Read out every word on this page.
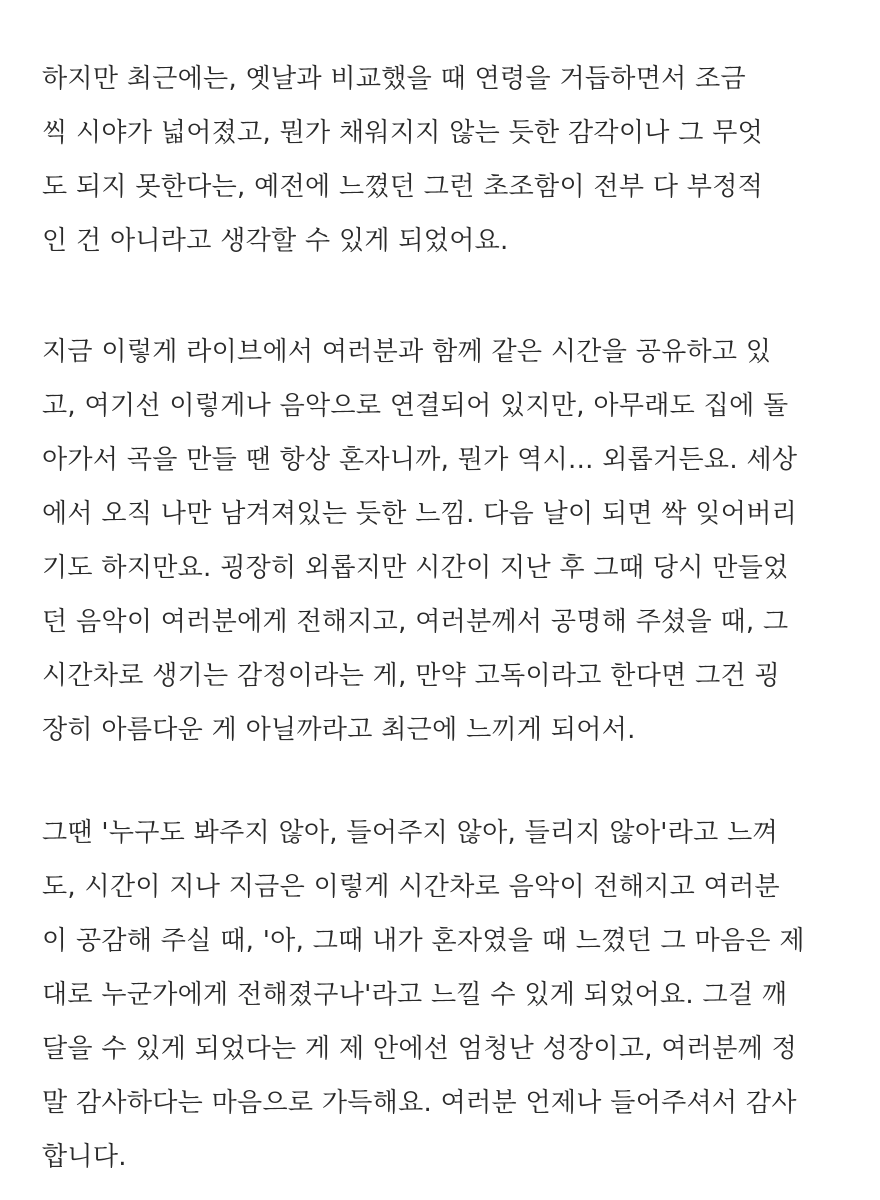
하지만 최근에는, 옛날과 비교했을 때 연령을 거듭하면서 조금
씩 시야가 넓어졌고, 뭔가 채워지지 않는 듯한 감각이나 그 무엇
도 되지 못한다는, 예전에 느꼈던 그런 초조함이 전부 다 부정적
인 건 아니라고 생각할 수 있게 되었어요.
지금 이렇게 라이브에서 여러분과 함께 같은 시간을 공유하고 있
고, 여기선 이렇게나 음악으로 연결되어 있지만, 아무래도 집에 돌
아가서 곡을 만들 땐 항상 혼자니까, 뭔가 역시... 외롭거든요. 세상
에서 오직 나만 남겨져있는 듯한 느낌. 다음 날이 되면 싹 잊어버리
기도 하지만요. 굉장히 외롭지만 시간이 지난 후 그때 당시 만들었
던 음악이 여러분에게 전해지고, 여러분께서 공명해 주셨을 때, 그
시간차로 생기는 감정이라는 게, 만약 고독이라고 한다면 그건 굉
장히 아름다운 게 아닐까라고 최근에 느끼게 되어서.
그땐 '누구도 봐주지 않아, 들어주지 않아, 들리지 않아'라고 느껴
도, 시간이 지나 지금은 이렇게 시간차로 음악이 전해지고 여러분
이 공감해 주실 때, '아, 그때 내가 혼자였을 때 느꼈던 그 마음은 제
대로 누군가에게 전해졌구나'라고 느낄 수 있게 되었어요. 그걸 깨
달을 수 있게 되었다는 게 제 안에선 엄청난 성장이고, 여러분께 정
말 감사하다는 마음으로 가득해요. 여러분 언제나 들어주셔서 감사
합니다.
